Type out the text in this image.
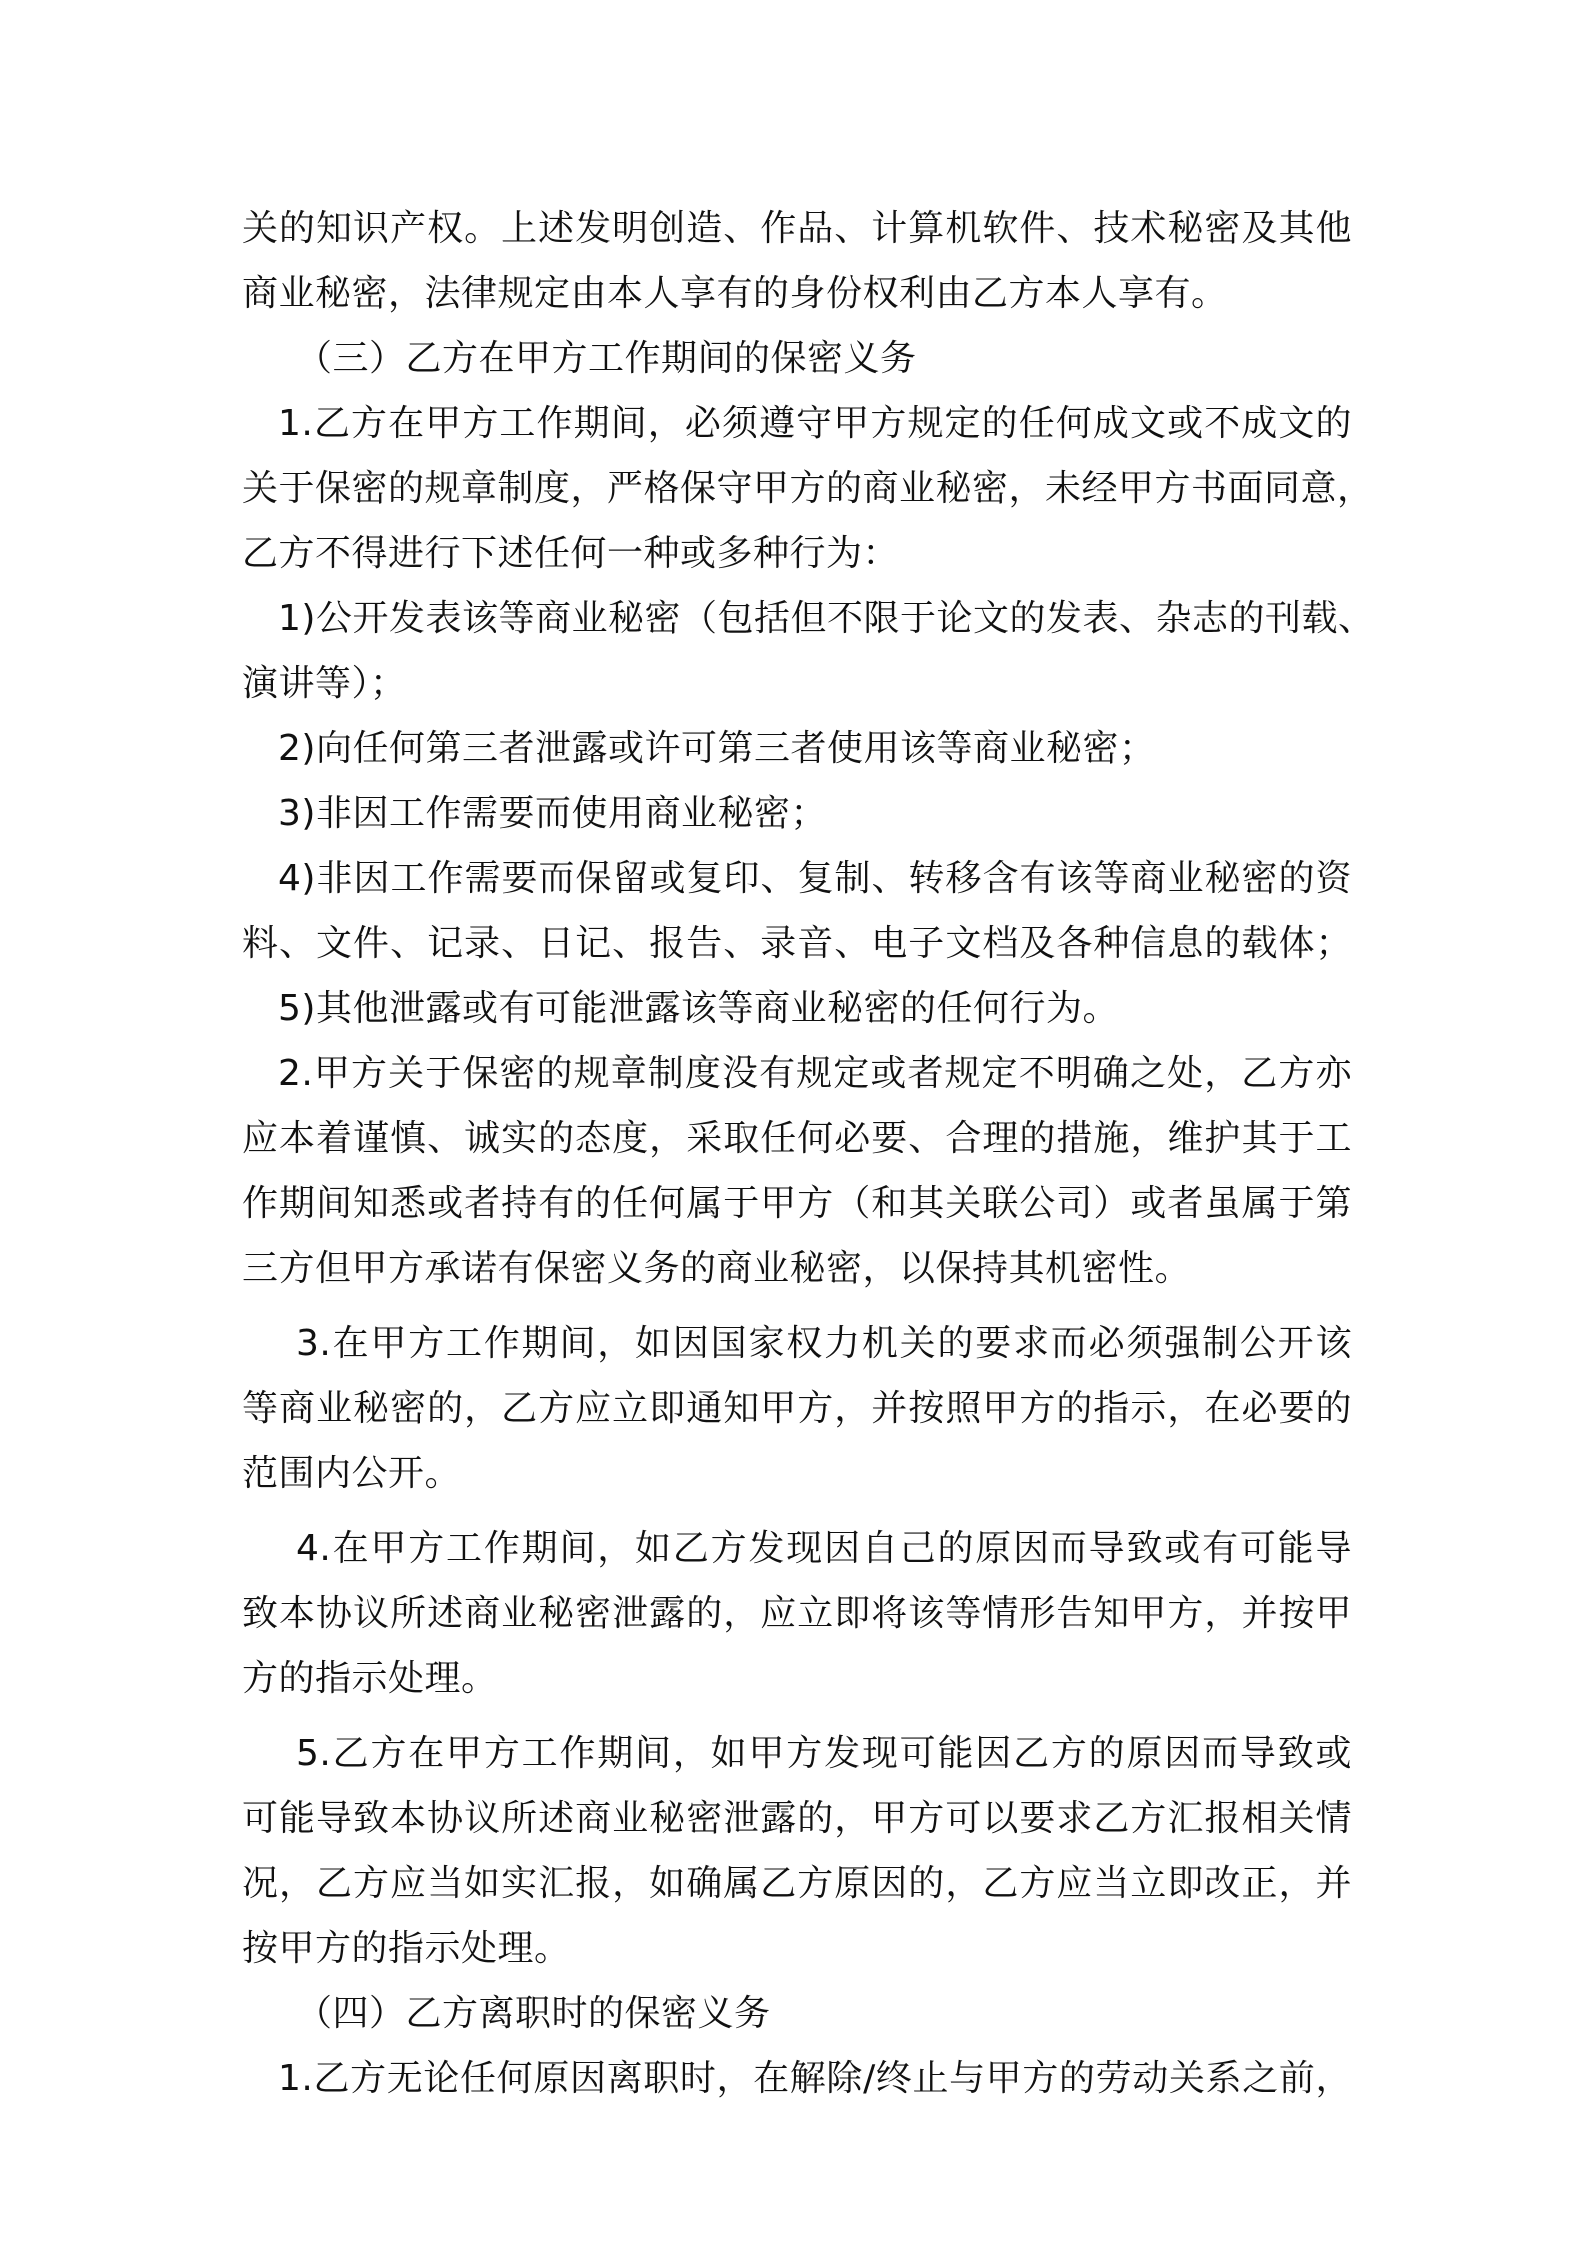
关的知识产权。上述发明创造、作品、计算机软件、技术秘密及其他
商业秘密，法律规定由本人享有的身份权利由乙方本人享有。
（三）乙方在甲方工作期间的保密义务
1.乙方在甲方工作期间，必须遵守甲方规定的任何成文或不成文的
关于保密的规章制度，严格保守甲方的商业秘密，未经甲方书面同意，
乙方不得进行下述任何一种或多种行为：
1)公开发表该等商业秘密（包括但不限于论文的发表、杂志的刊载、
演讲等）；
2)向任何第三者泄露或许可第三者使用该等商业秘密；
3)非因工作需要而使用商业秘密；
4)非因工作需要而保留或复印、复制、转移含有该等商业秘密的资
料、文件、记录、日记、报告、录音、电子文档及各种信息的载体；
5)其他泄露或有可能泄露该等商业秘密的任何行为。
2.甲方关于保密的规章制度没有规定或者规定不明确之处，乙方亦
应本着谨慎、诚实的态度，采取任何必要、合理的措施，维护其于工
作期间知悉或者持有的任何属于甲方（和其关联公司）或者虽属于第
三方但甲方承诺有保密义务的商业秘密，以保持其机密性。
3.在甲方工作期间，如因国家权力机关的要求而必须强制公开该
等商业秘密的，乙方应立即通知甲方，并按照甲方的指示，在必要的
范围内公开。
4.在甲方工作期间，如乙方发现因自己的原因而导致或有可能导
致本协议所述商业秘密泄露的，应立即将该等情形告知甲方，并按甲
方的指示处理。
5.乙方在甲方工作期间，如甲方发现可能因乙方的原因而导致或
可能导致本协议所述商业秘密泄露的，甲方可以要求乙方汇报相关情
况，乙方应当如实汇报，如确属乙方原因的，乙方应当立即改正，并
按甲方的指示处理。
（四）乙方离职时的保密义务
1.乙方无论任何原因离职时，在解除/终止与甲方的劳动关系之前，
